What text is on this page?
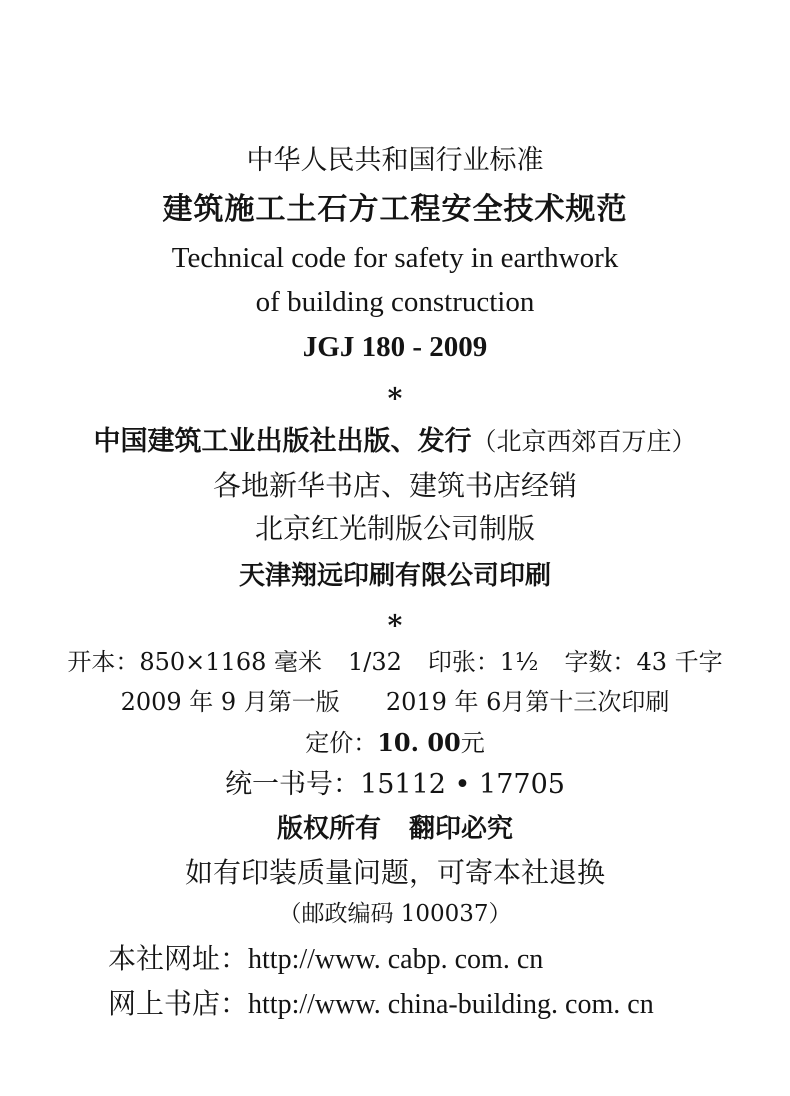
中华人民共和国行业标准
建筑施工土石方工程安全技术规范
Technical code for safety in earthwork
of building construction
JGJ 180 - 2009
*
中国建筑工业出版社出版、发行（北京西郊百万庄）
各地新华书店、建筑书店经销
北京红光制版公司制版
天津翔远印刷有限公司印刷
*
开本：850×1168 毫米 1/32 印张：1½ 字数：43 千字
2009 年 9 月第一版 2019 年 6月第十三次印刷
定价：10. 00元
统一书号：15112 • 17705
版权所有 翻印必究
如有印装质量问题，可寄本社退换
（邮政编码 100037）
本社网址：http://www. cabp. com. cn
网上书店：http://www. china-building. com. cn
